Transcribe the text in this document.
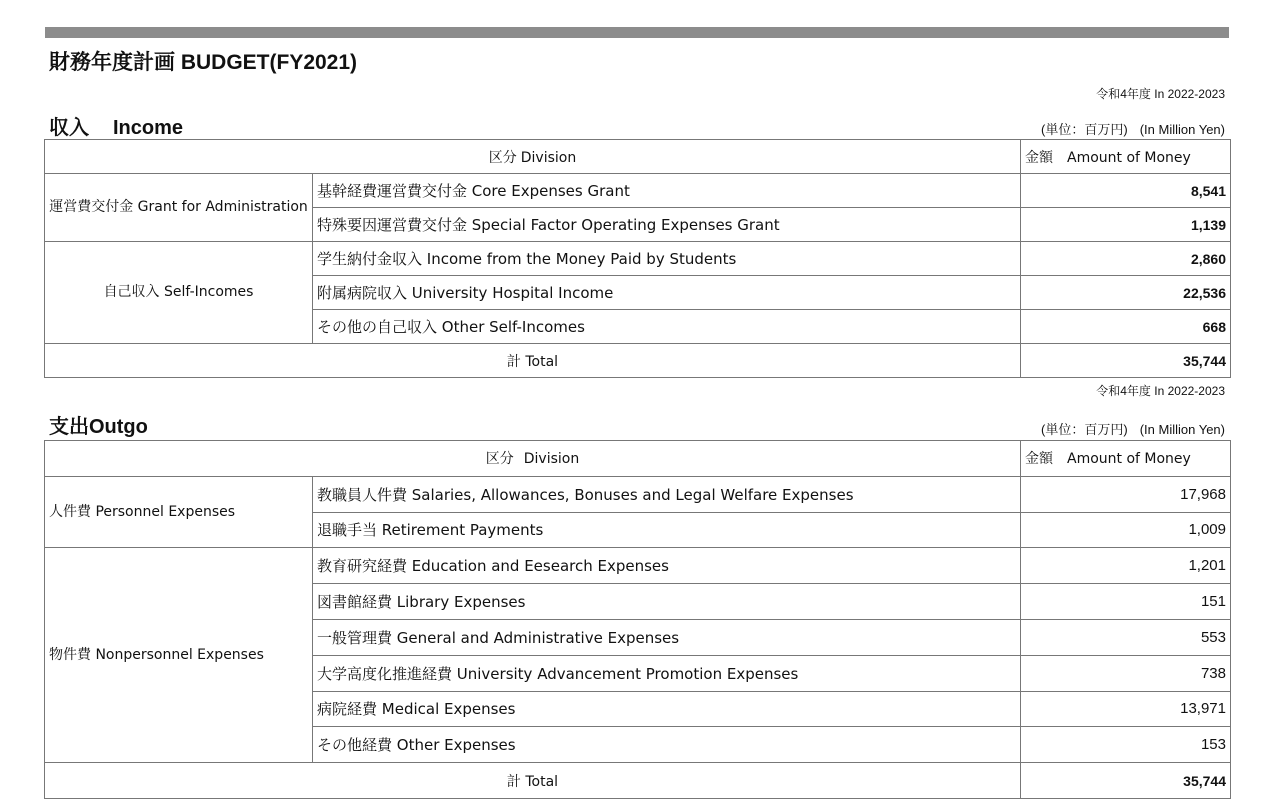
財務年度計画 BUDGET(FY2021)
令和4年度 In 2022-2023
収入 Income	(単位：百万円) (In Million Yen)
区分 Division		金額 Amount of Money
運営費交付金 Grant for Administration	基幹経費運営費交付金 Core Expenses Grant	8,541
	特殊要因運営費交付金 Special Factor Operating Expenses Grant	1,139
自己収入 Self-Incomes	学生納付金収入 Income from the Money Paid by Students	2,860
	附属病院収入 University Hospital Income	22,536
	その他の自己収入 Other Self-Incomes	668
計 Total		35,744
令和4年度 In 2022-2023
支出Outgo	(単位：百万円) (In Million Yen)
区分 Division		金額 Amount of Money
人件費 Personnel Expenses	教職員人件費 Salaries, Allowances, Bonuses and Legal Welfare Expenses	17,968
	退職手当 Retirement Payments	1,009
物件費 Nonpersonnel Expenses	教育研究経費 Education and Eesearch Expenses	1,201
	図書館経費 Library Expenses	151
	一般管理費 General and Administrative Expenses	553
	大学高度化推進経費 University Advancement Promotion Expenses	738
	病院経費 Medical Expenses	13,971
	その他経費 Other Expenses	153
計 Total		35,744
